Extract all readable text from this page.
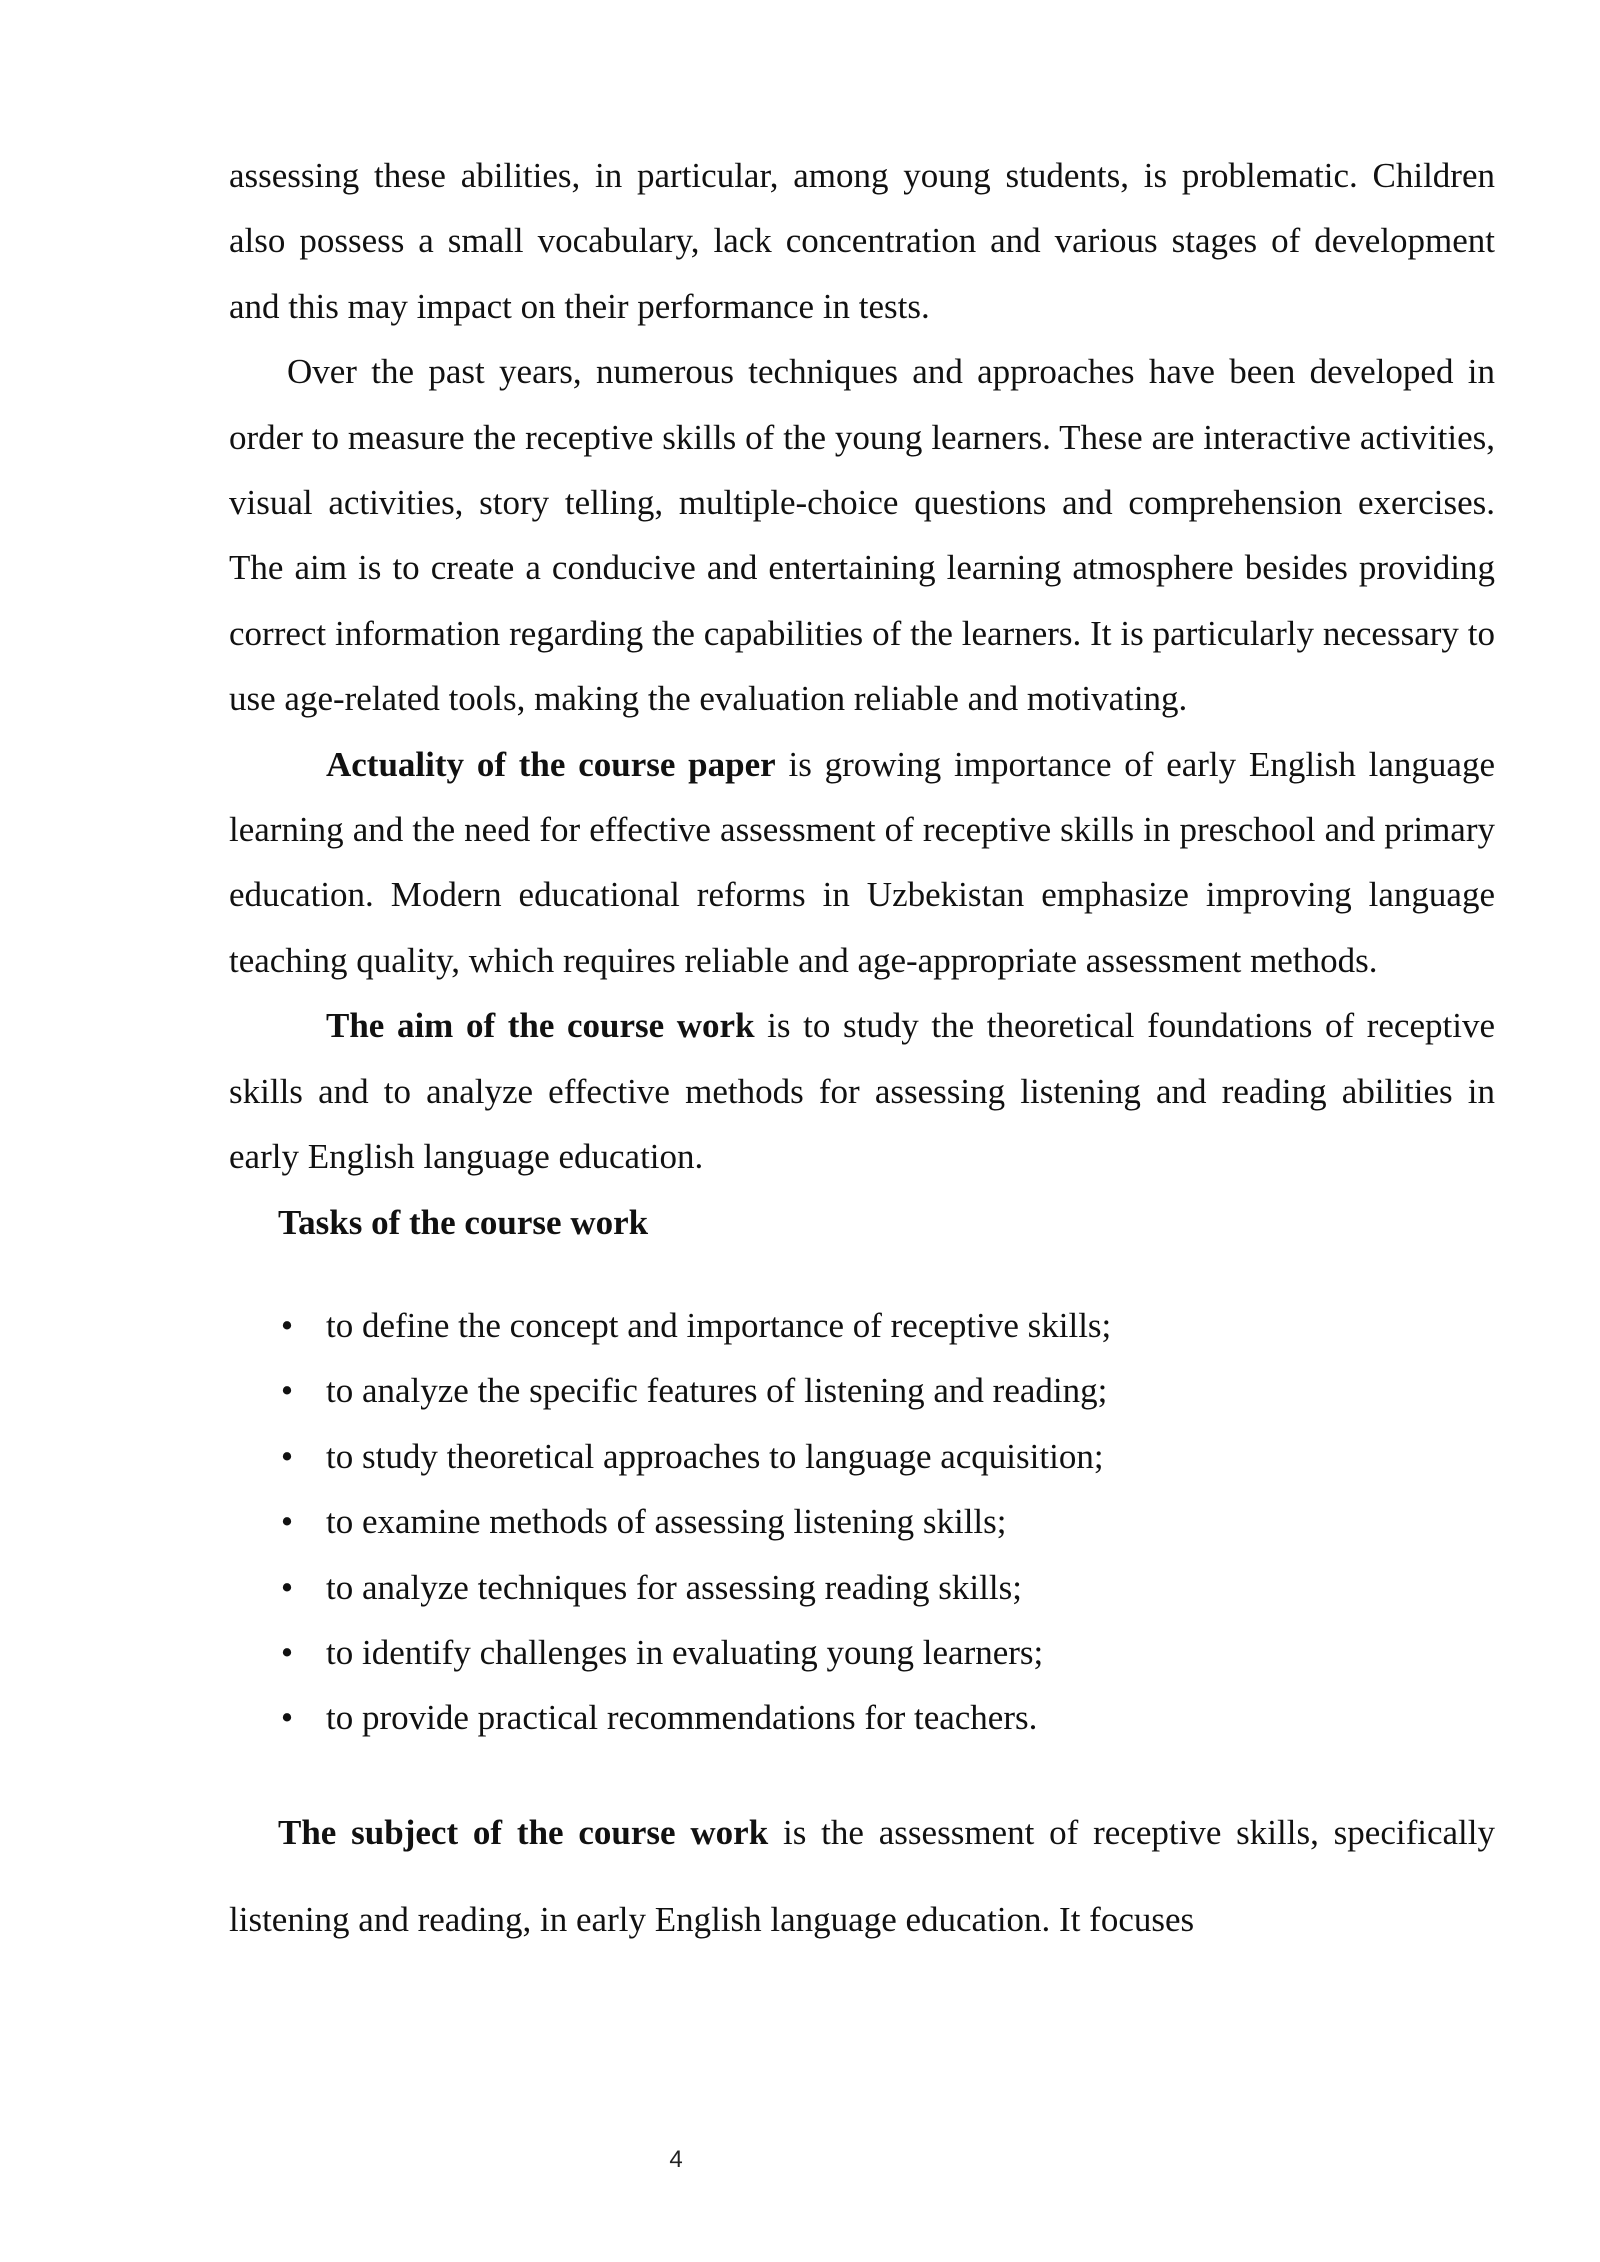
assessing these abilities, in particular, among young students, is problematic. Children also possess a small vocabulary, lack concentration and various stages of development and this may impact on their performance in tests.

Over the past years, numerous techniques and approaches have been developed in order to measure the receptive skills of the young learners. These are interactive activities, visual activities, story telling, multiple-choice questions and comprehension exercises. The aim is to create a conducive and entertaining learning atmosphere besides providing correct information regarding the capabilities of the learners. It is particularly necessary to use age-related tools, making the evaluation reliable and motivating.

Actuality of the course paper is growing importance of early English language learning and the need for effective assessment of receptive skills in preschool and primary education. Modern educational reforms in Uzbekistan emphasize improving language teaching quality, which requires reliable and age-appropriate assessment methods.

The aim of the course work is to study the theoretical foundations of receptive skills and to analyze effective methods for assessing listening and reading abilities in early English language education.

Tasks of the course work

• to define the concept and importance of receptive skills;
• to analyze the specific features of listening and reading;
• to study theoretical approaches to language acquisition;
• to examine methods of assessing listening skills;
• to analyze techniques for assessing reading skills;
• to identify challenges in evaluating young learners;
• to provide practical recommendations for teachers.

The subject of the course work is the assessment of receptive skills, specifically listening and reading, in early English language education. It focuses

4
